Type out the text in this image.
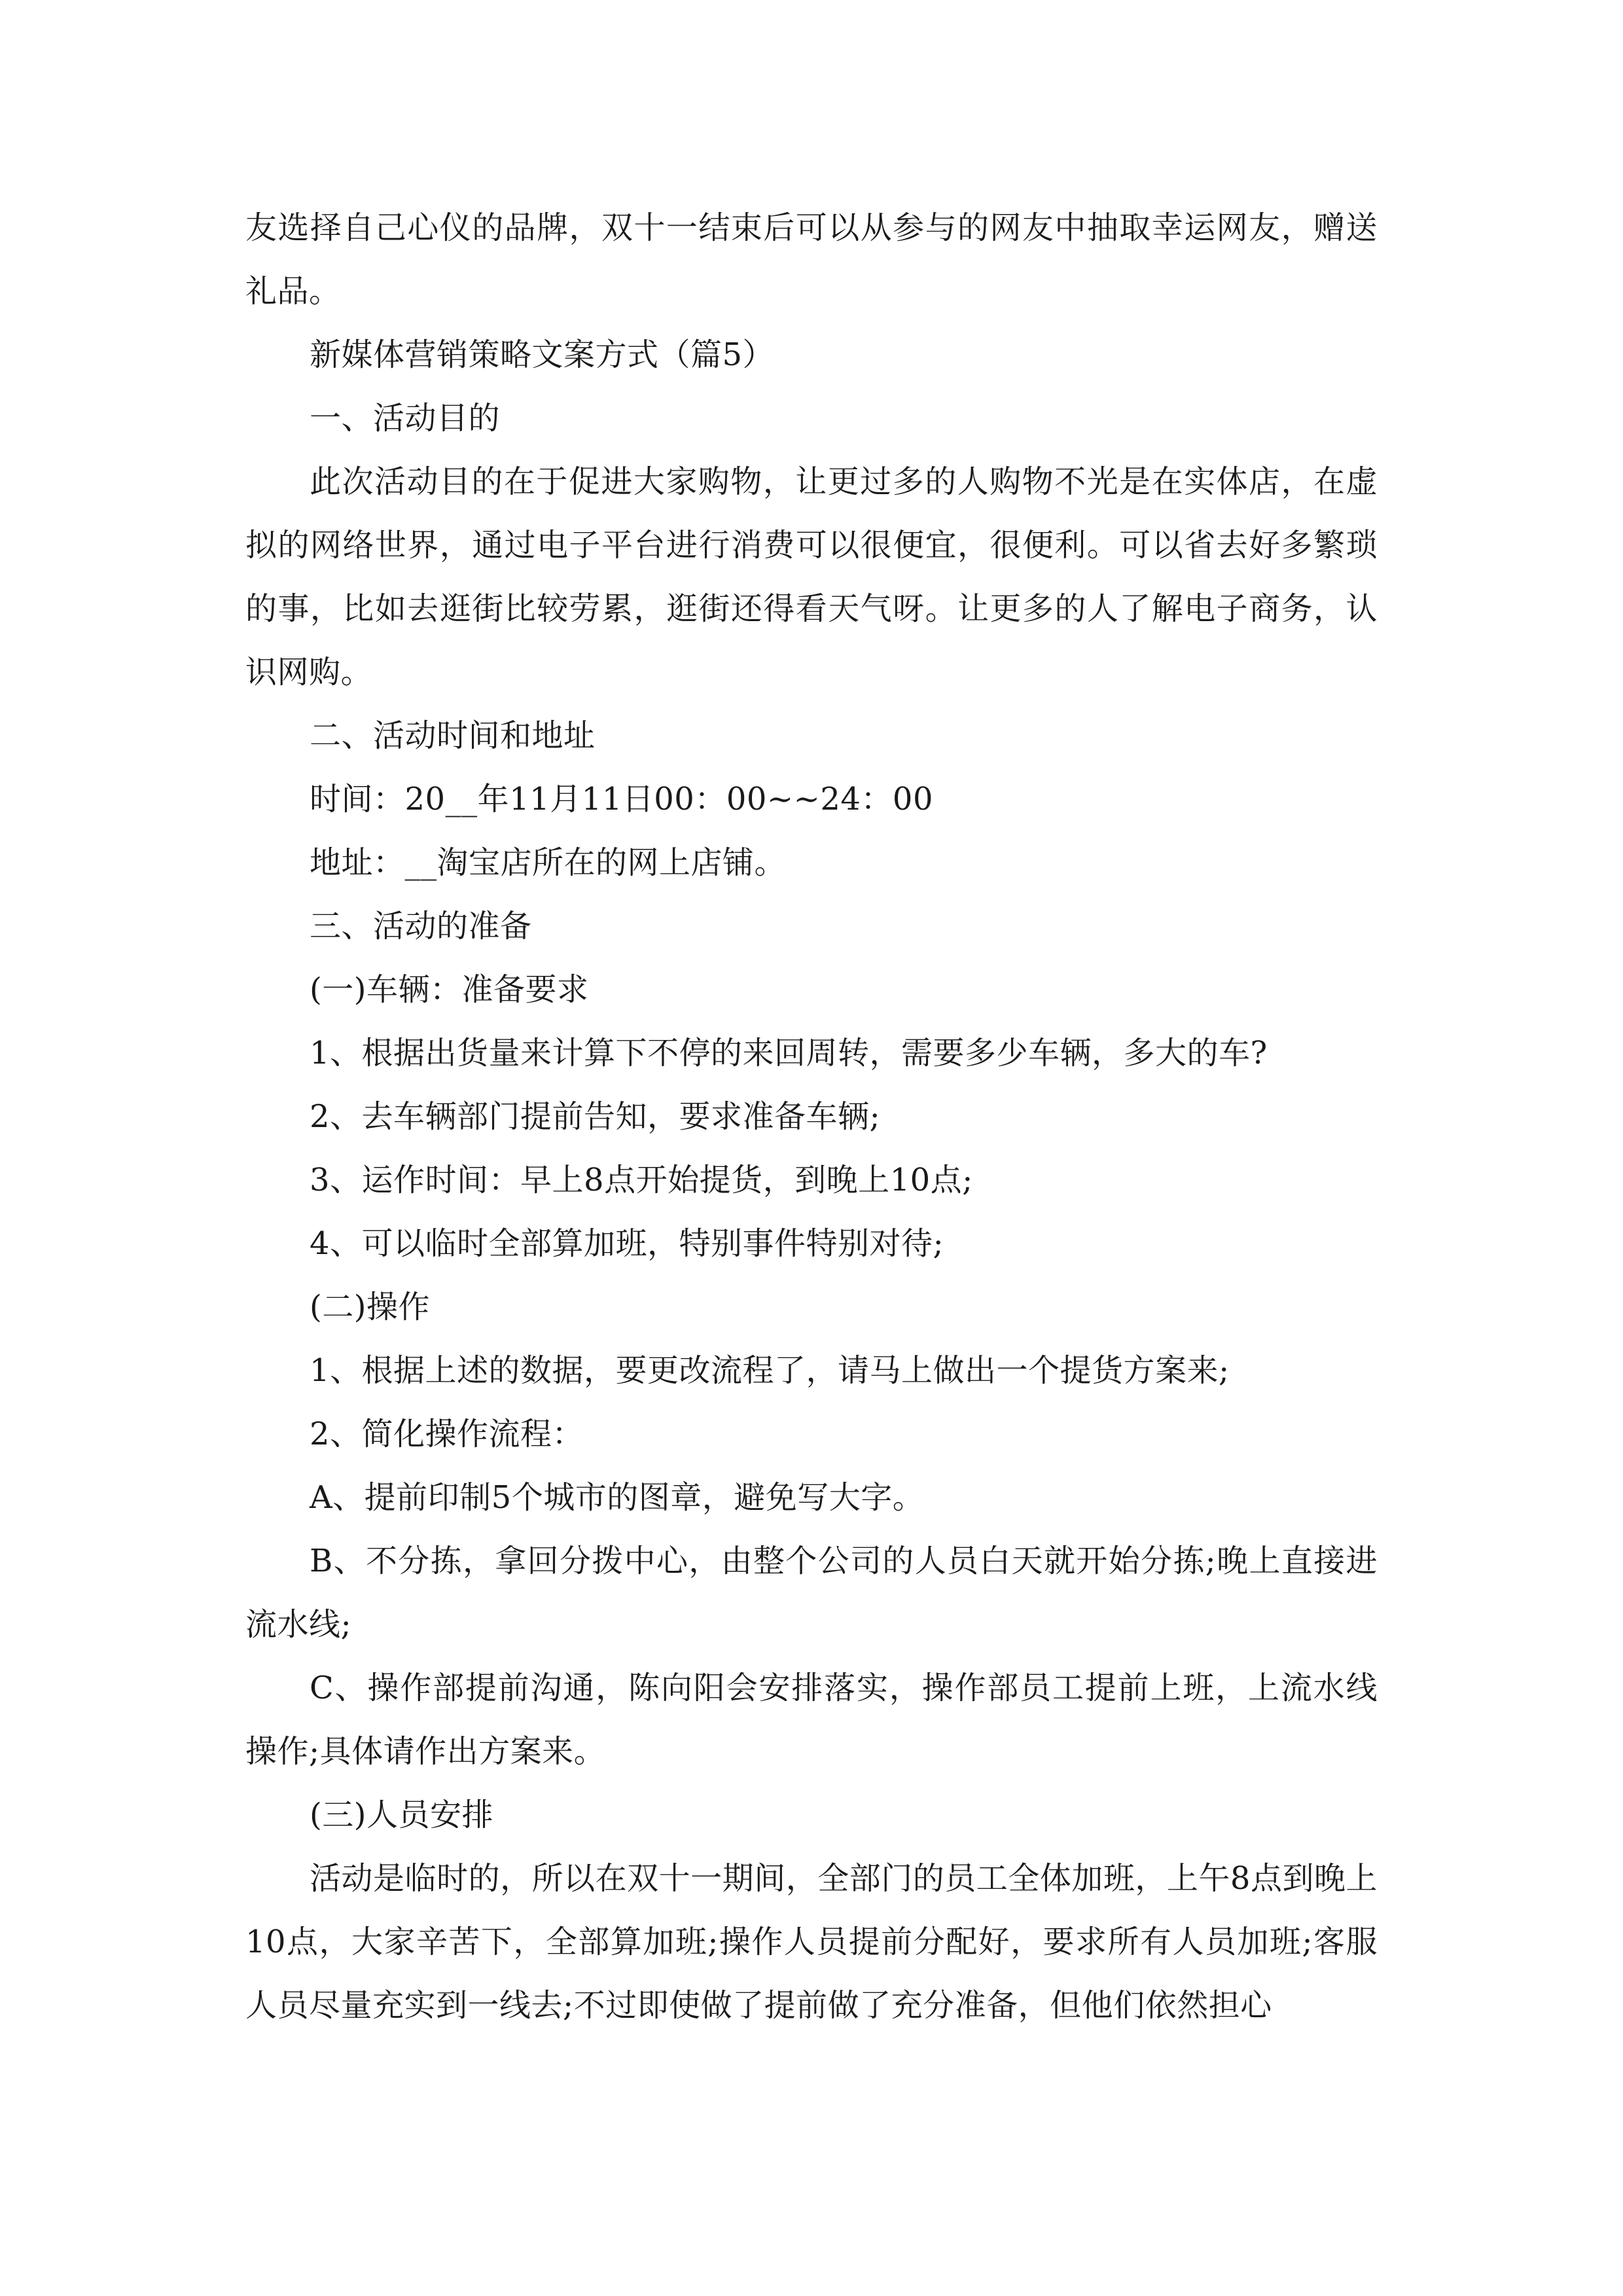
友选择自己心仪的品牌，双十一结束后可以从参与的网友中抽取幸运网友，赠送礼品。

新媒体营销策略文案方式（篇5）

一、活动目的

此次活动目的在于促进大家购物，让更过多的人购物不光是在实体店，在虚拟的网络世界，通过电子平台进行消费可以很便宜，很便利。可以省去好多繁琐的事，比如去逛街比较劳累，逛街还得看天气呀。让更多的人了解电子商务，认识网购。

二、活动时间和地址

时间：20__年11月11日00：00~~24：00

地址：__淘宝店所在的网上店铺。

三、活动的准备

(一)车辆：准备要求

1、根据出货量来计算下不停的来回周转，需要多少车辆，多大的车?

2、去车辆部门提前告知，要求准备车辆;

3、运作时间：早上8点开始提货，到晚上10点;

4、可以临时全部算加班，特别事件特别对待;

(二)操作

1、根据上述的数据，要更改流程了，请马上做出一个提货方案来;

2、简化操作流程：

A、提前印制5个城市的图章，避免写大字。

B、不分拣，拿回分拨中心，由整个公司的人员白天就开始分拣;晚上直接进流水线;

C、操作部提前沟通，陈向阳会安排落实，操作部员工提前上班，上流水线操作;具体请作出方案来。

(三)人员安排

活动是临时的，所以在双十一期间，全部门的员工全体加班，上午8点到晚上10点，大家辛苦下，全部算加班;操作人员提前分配好，要求所有人员加班;客服人员尽量充实到一线去;不过即使做了提前做了充分准备，但他们依然担心
